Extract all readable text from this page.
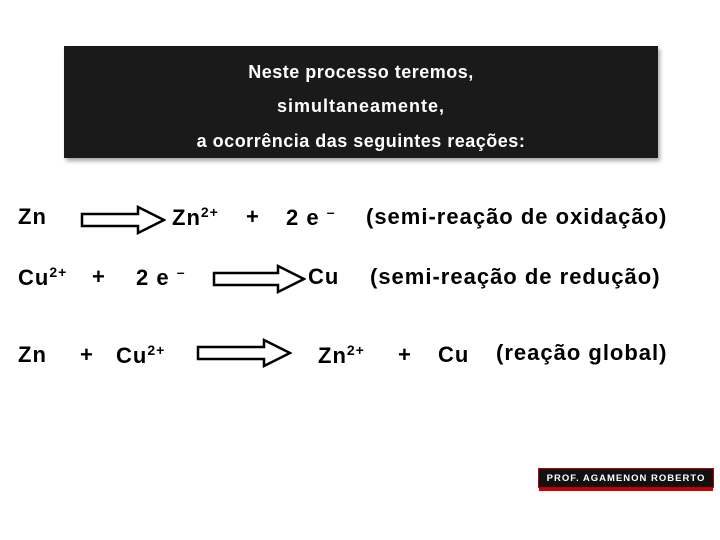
Neste processo teremos,
simultaneamente,
a ocorrência das seguintes reações:
Zn	$Zn^{2+} + 2$ e – (semi-reação de oxidação)
$Cu^{2+} + 2$ e –	Cu (semi-reação de redução)
$Zn + Cu^{2+}$	$Zn^{2+} + Cu$ (reação global)
PROF. AGAMENON ROBERTO
